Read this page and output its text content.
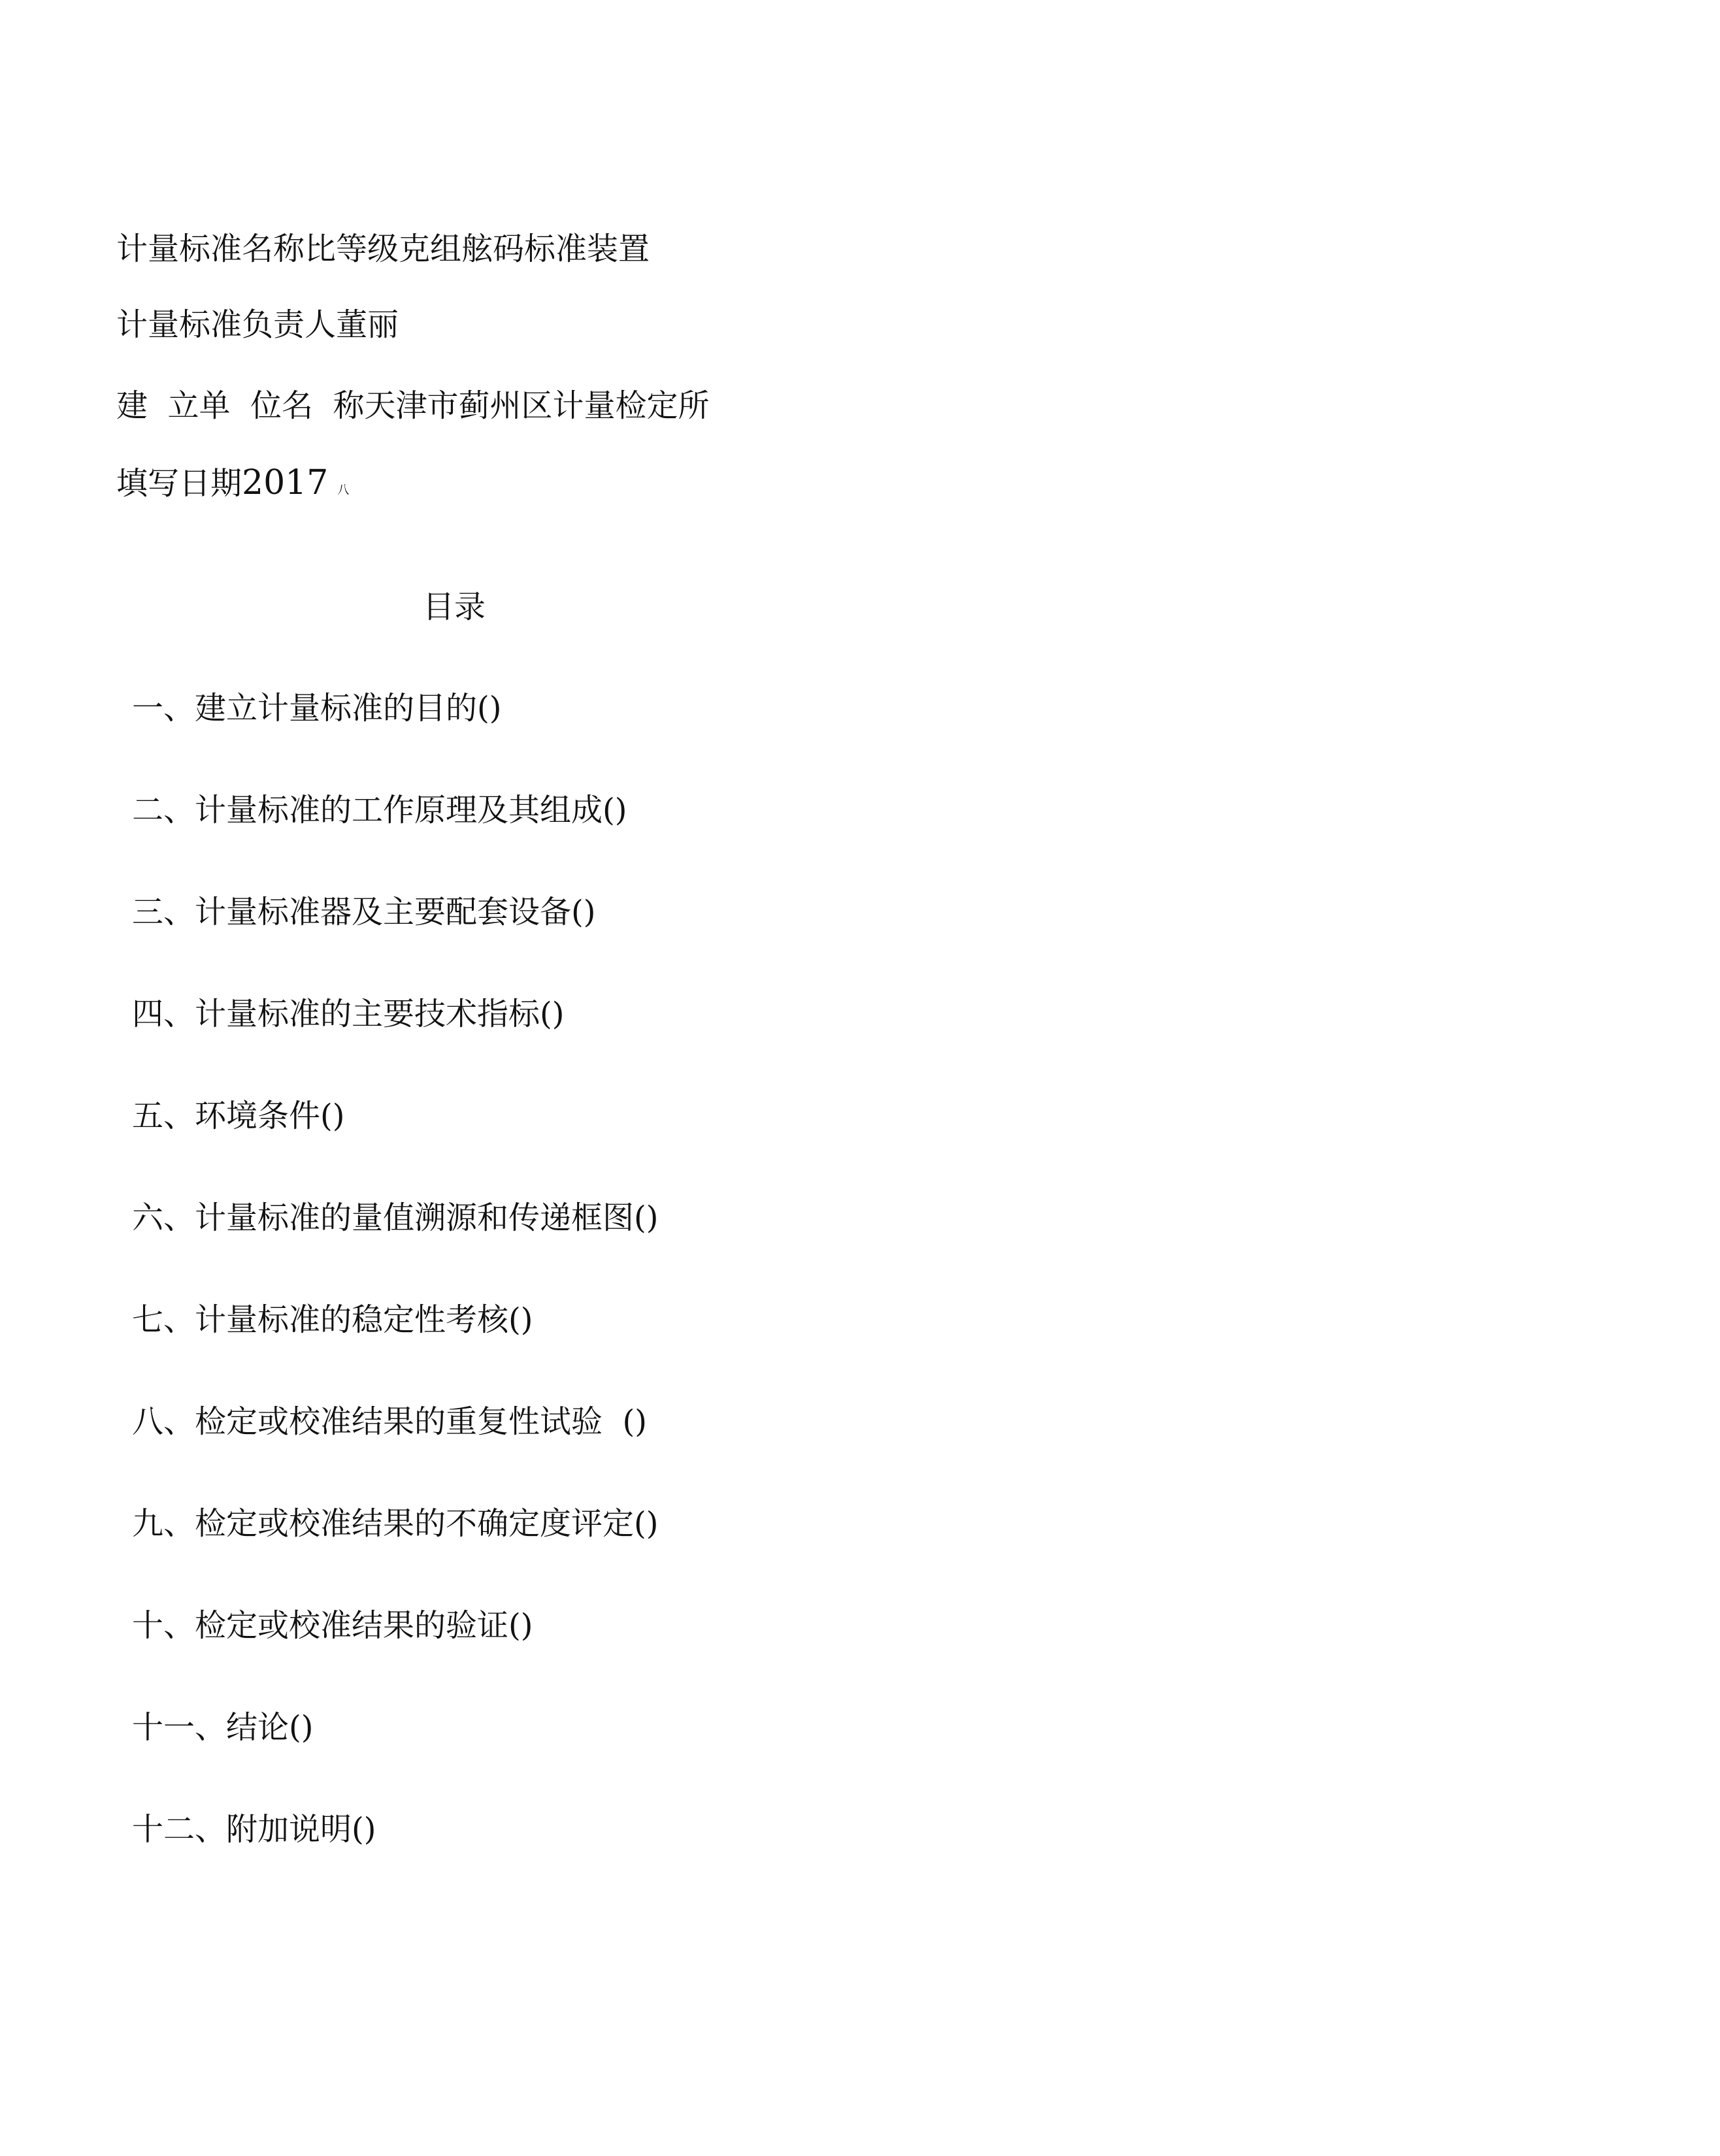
计量标准名称比等级克组舷码标准装置
计量标准负责人董丽
建  立单  位名  称天津市蓟州区计量检定所
填写日期2017 八
目录
一、建立计量标准的目的()
二、计量标准的工作原理及其组成()
三、计量标准器及主要配套设备()
四、计量标准的主要技术指标()
五、环境条件()
六、计量标准的量值溯源和传递框图()
七、计量标准的稳定性考核()
八、检定或校准结果的重复性试验  ()
九、检定或校准结果的不确定度评定()
十、检定或校准结果的验证()
十一、结论()
十二、附加说明()
